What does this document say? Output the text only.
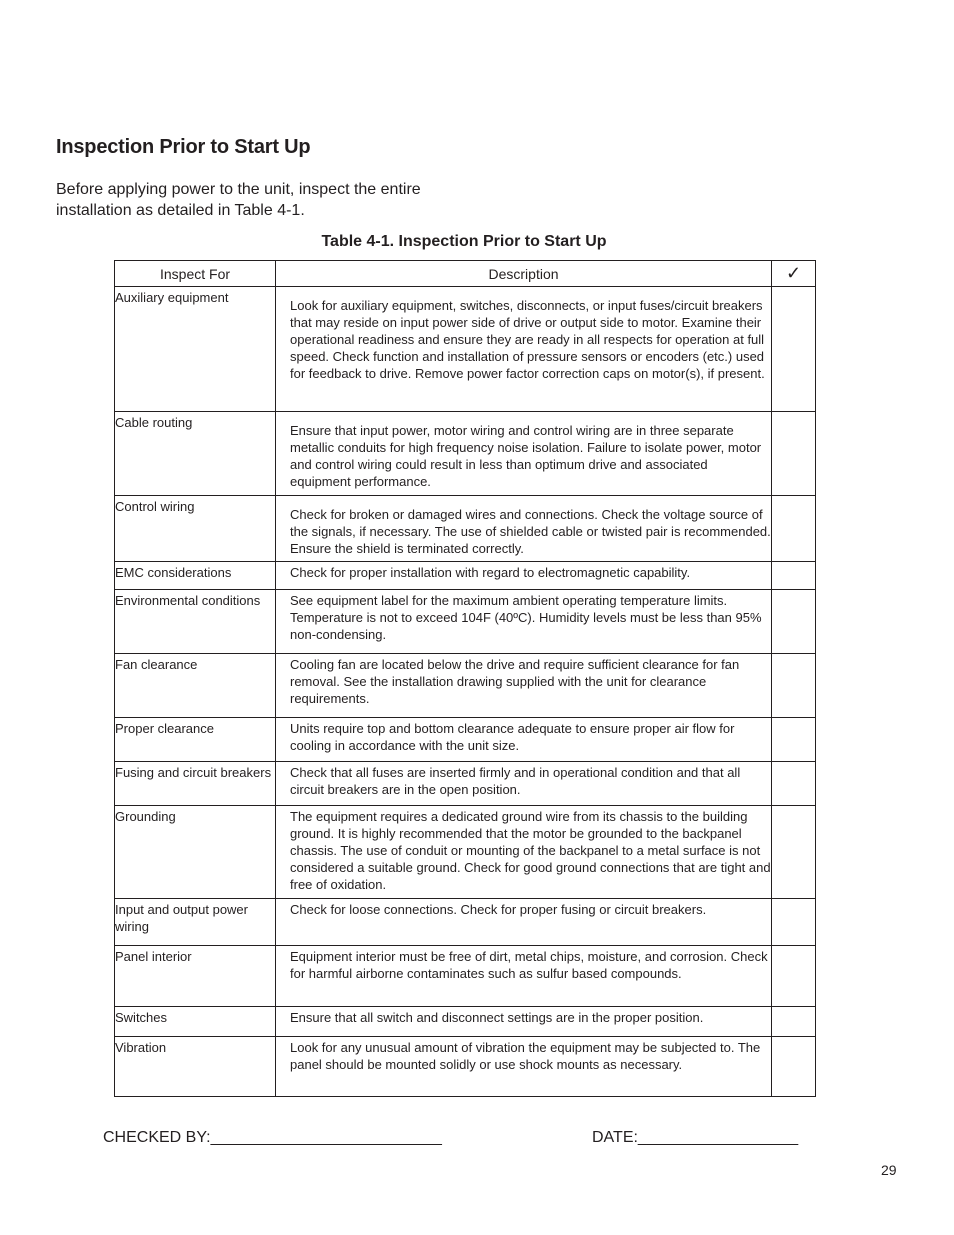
Inspection Prior to Start Up
Before applying power to the unit, inspect the entire
installation as detailed in Table 4-1.
Table 4-1. Inspection Prior to Start Up
Inspect For	Description	✓
Auxiliary equipment	Look for auxiliary equipment, switches, disconnects, or input fuses/circuit breakers that may reside on input power side of drive or output side to motor. Examine their operational readiness and ensure they are ready in all respects for operation at full speed. Check function and installation of pressure sensors or encoders (etc.) used for feedback to drive. Remove power factor correction caps on motor(s), if present.	
Cable routing	Ensure that input power, motor wiring and control wiring are in three separate metallic conduits for high frequency noise isolation. Failure to isolate power, motor and control wiring could result in less than optimum drive and associated equipment performance.	
Control wiring	Check for broken or damaged wires and connections. Check the voltage source of the signals, if necessary. The use of shielded cable or twisted pair is recommended. Ensure the shield is terminated correctly.	
EMC considerations	Check for proper installation with regard to electromagnetic capability.	
Environmental conditions	See equipment label for the maximum ambient operating temperature limits. Temperature is not to exceed 104F (40ºC). Humidity levels must be less than 95% non-condensing.	
Fan clearance	Cooling fan are located below the drive and require sufficient clearance for fan removal. See the installation drawing supplied with the unit for clearance requirements.	
Proper clearance	Units require top and bottom clearance adequate to ensure proper air flow for cooling in accordance with the unit size.	
Fusing and circuit breakers	Check that all fuses are inserted firmly and in operational condition and that all circuit breakers are in the open position.	
Grounding	The equipment requires a dedicated ground wire from its chassis to the building ground. It is highly recommended that the motor be grounded to the backpanel chassis. The use of conduit or mounting of the backpanel to a metal surface is not considered a suitable ground. Check for good ground connections that are tight and free of oxidation.	
Input and output power wiring	Check for loose connections. Check for proper fusing or circuit breakers.	
Panel interior	Equipment interior must be free of dirt, metal chips, moisture, and corrosion. Check for harmful airborne contaminates such as sulfur based compounds.	
Switches	Ensure that all switch and disconnect settings are in the proper position.	
Vibration	Look for any unusual amount of vibration the equipment may be subjected to. The panel should be mounted solidly or use shock mounts as necessary.	
CHECKED BY:__________________________	DATE:__________________
29
